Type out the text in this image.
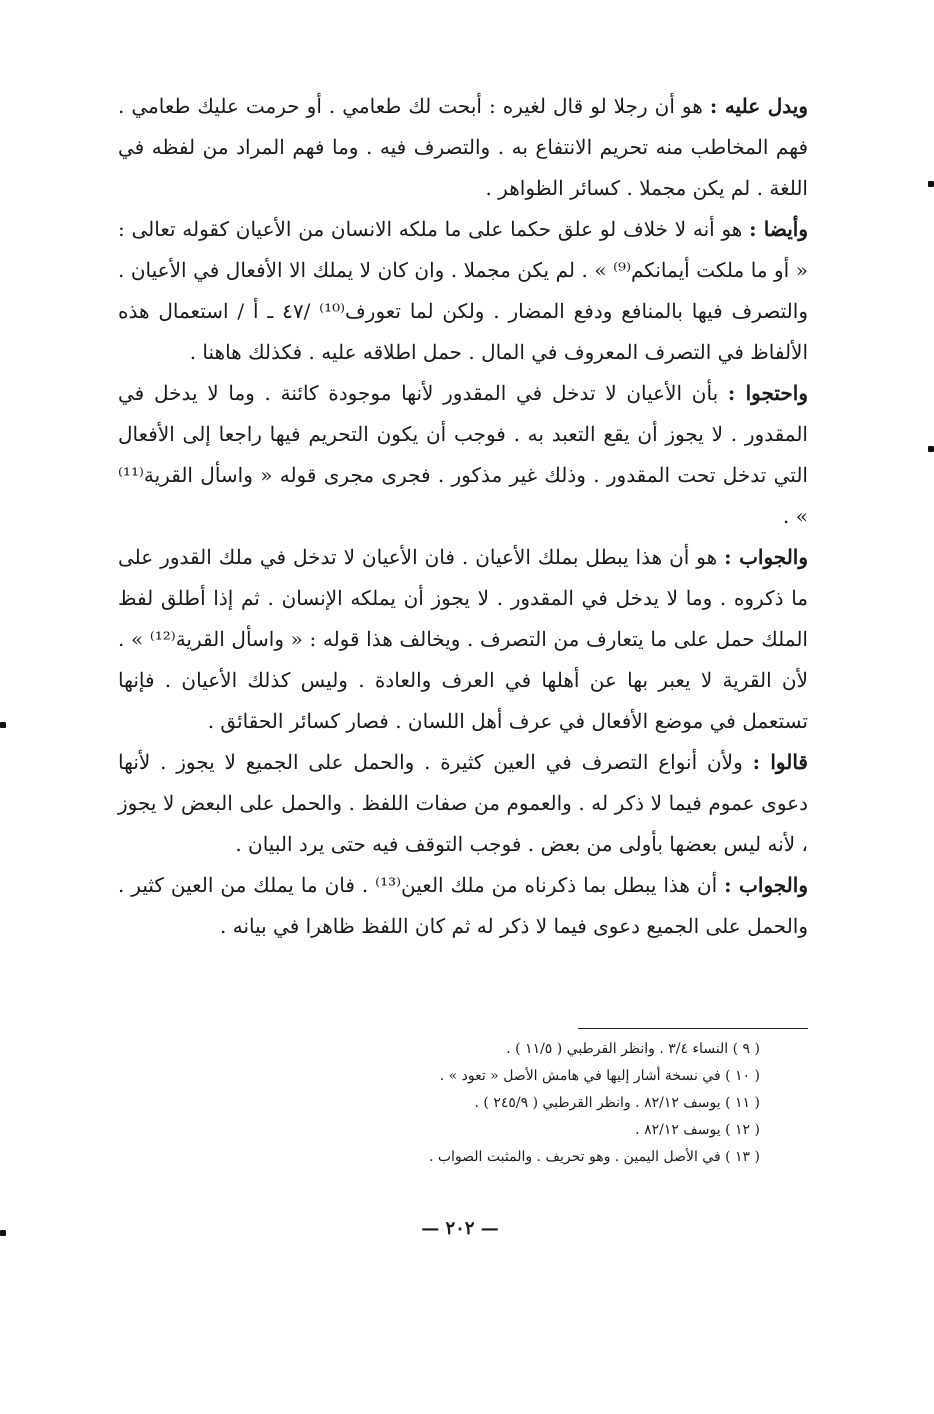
ويدل عليه : هو أن رجلا لو قال لغيره : أبحت لك طعامي . أو حرمت عليك طعامي . فهم المخاطب منه تحريم الانتفاع به . والتصرف فيه . وما فهم المراد من لفظه في اللغة . لم يكن مجملا . كسائر الظواهر .

وأيضا : هو أنه لا خلاف لو علق حكما على ما ملكه الانسان من الأعيان كقوله تعالى : « أو ما ملكت أيمانكم⁽⁹⁾ » . لم يكن مجملا . وان كان لا يملك الا الأفعال في الأعيان . والتصرف فيها بالمنافع ودفع المضار . ولكن لما تعورف⁽¹⁰⁾ /٤٧ ـ أ / استعمال هذه الألفاظ في التصرف المعروف في المال . حمل اطلاقه عليه . فكذلك هاهنا .

واحتجوا : بأن الأعيان لا تدخل في المقدور لأنها موجودة كائنة . وما لا يدخل في المقدور . لا يجوز أن يقع التعبد به . فوجب أن يكون التحريم فيها راجعا إلى الأفعال التي تدخل تحت المقدور . وذلك غير مذكور . فجرى مجرى قوله « واسأل القرية⁽¹¹⁾ » .

والجواب : هو أن هذا يبطل بملك الأعيان . فان الأعيان لا تدخل في ملك القدور على ما ذكروه . وما لا يدخل في المقدور . لا يجوز أن يملكه الإنسان . ثم إذا أطلق لفظ الملك حمل على ما يتعارف من التصرف . ويخالف هذا قوله : « واسأل القرية⁽¹²⁾ » . لأن القرية لا يعبر بها عن أهلها في العرف والعادة . وليس كذلك الأعيان . فإنها تستعمل في موضع الأفعال في عرف أهل اللسان . فصار كسائر الحقائق .

قالوا : ولأن أنواع التصرف في العين كثيرة . والحمل على الجميع لا يجوز . لأنها دعوى عموم فيما لا ذكر له . والعموم من صفات اللفظ . والحمل على البعض لا يجوز ، لأنه ليس بعضها بأولى من بعض . فوجب التوقف فيه حتى يرد البيان .

والجواب : أن هذا يبطل بما ذكرناه من ملك العين⁽¹³⁾ . فان ما يملك من العين كثير . والحمل على الجميع دعوى فيما لا ذكر له ثم كان اللفظ ظاهرا في بيانه .

( ٩ ) النساء ٣/٤ . وانظر القرطبي ( ١١/٥ ) .
( ١٠ ) في نسخة أشار إليها في هامش الأصل « تعود » .
( ١١ ) يوسف ٨٢/١٢ . وانظر القرطبي ( ٢٤٥/٩ ) .
( ١٢ ) يوسف ٨٢/١٢ .
( ١٣ ) في الأصل اليمين . وهو تحريف . والمثبت الصواب .
— ٢٠٢ —
